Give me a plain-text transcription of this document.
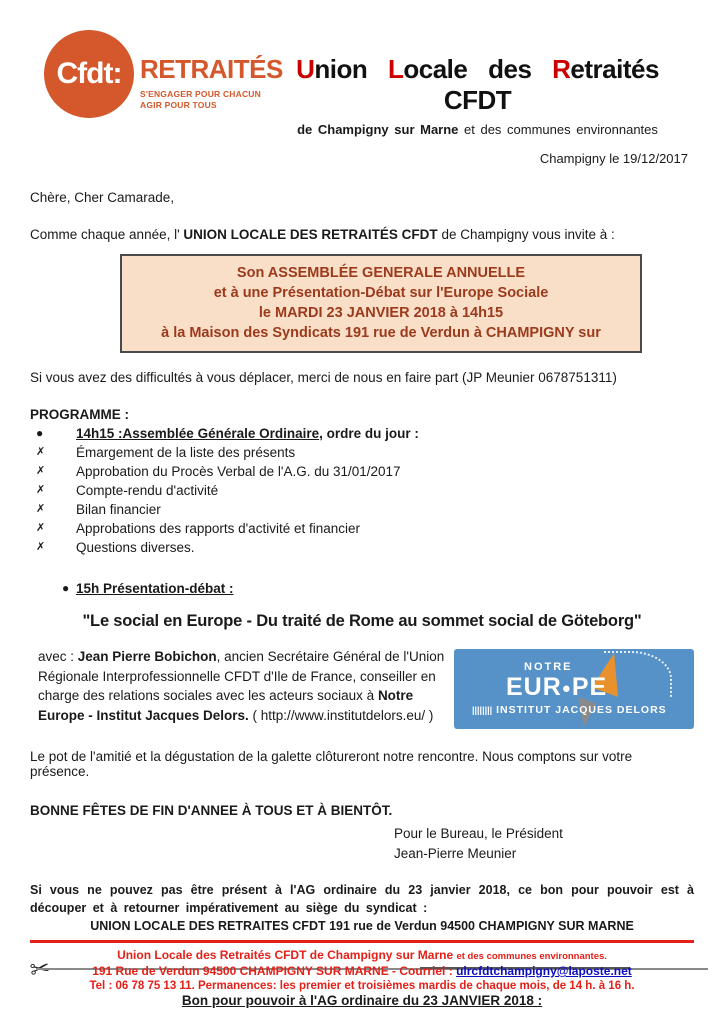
Cfdt: RETRAITÉS
S'ENGAGER POUR CHACUN
AGIR POUR TOUS
Union Locale des Retraités CFDT
de Champigny sur Marne et des communes environnantes
Champigny le 19/12/2017
Chère, Cher Camarade,
Comme chaque année, l' UNION LOCALE DES RETRAITÉS CFDT de Champigny vous invite à :
Son ASSEMBLÉE GENERALE ANNUELLE
et à une Présentation-Débat sur l'Europe Sociale
le MARDI 23 JANVIER 2018 à 14h15
à la Maison des Syndicats 191 rue de Verdun à CHAMPIGNY sur
Si vous avez des difficultés à vous déplacer, merci de nous en faire part (JP Meunier 0678751311)
PROGRAMME :
●	14h15 :Assemblée Générale Ordinaire, ordre du jour :
✗	Émargement de la liste des présents
✗	Approbation du Procès Verbal de l'A.G. du 31/01/2017
✗	Compte-rendu d'activité
✗	Bilan financier
✗	Approbations des rapports d'activité et financier
✗	Questions diverses.
● 15h Présentation-débat :
"Le social en Europe - Du traité de Rome au sommet social de Göteborg"
avec : Jean Pierre Bobichon, ancien Secrétaire Général de l'Union Régionale Interprofessionnelle CFDT d'Ile de France, conseiller en charge des relations sociales avec les acteurs sociaux à Notre Europe - Institut Jacques Delors. ( http://www.institutdelors.eu/ )
NOTRE
EUR●PE
|||||||| INSTITUT JACQUES DELORS
Le pot de l'amitié et la dégustation de la galette clôtureront notre rencontre. Nous comptons sur votre présence.
BONNE FÊTES DE FIN D'ANNEE À TOUS ET À BIENTÔT.
Pour le Bureau, le Président
Jean-Pierre Meunier
Si vous ne pouvez pas être présent à l'AG ordinaire du 23 janvier 2018, ce bon pour pouvoir est à découper et à retourner impérativement au siège du syndicat :
UNION LOCALE DES RETRAITES CFDT 191 rue de Verdun 94500 CHAMPIGNY SUR MARNE
✂
Bon pour pouvoir à l'AG ordinaire du 23 JANVIER 2018 :
Union Locale des Retraités CFDT de Champigny sur Marne et des communes environnantes.
191 Rue de Verdun 94500 CHAMPIGNY SUR MARNE - Courriel : ulrcfdtchampigny@laposte.net
Tel : 06 78 75 13 11. Permanences: les premier et troisièmes mardis de chaque mois, de 14 h. à 16 h.
